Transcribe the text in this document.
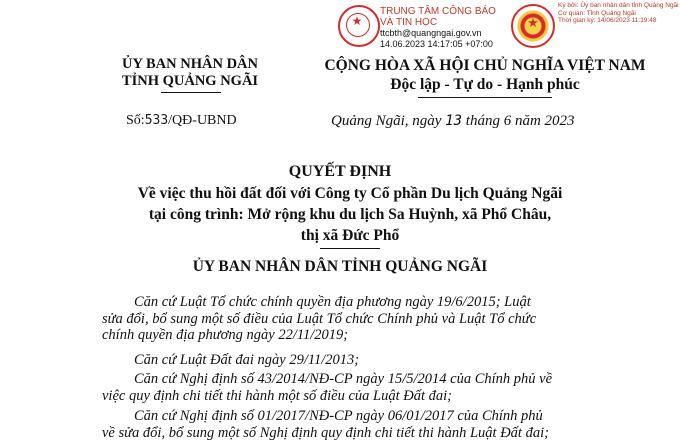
★
TRUNG TÂM CÔNG BÁO
VÀ TIN HỌC
ttcbth@quangngai.gov.vn
14.06.2023 14:17:05 +07:00
★
Ký bởi: Ủy ban nhân dân tỉnh Quảng Ngãi
Cơ quan: Tỉnh Quảng Ngãi
Thời gian ký: 14/06/2023 11:19:48
ỦY BAN NHÂN DÂN
TỈNH QUẢNG NGÃI
CỘNG HÒA XÃ HỘI CHỦ NGHĨA VIỆT NAM
Độc lập - Tự do - Hạnh phúc
Số:533/QĐ-UBND	Quảng Ngãi, ngày 13 tháng 6 năm 2023
QUYẾT ĐỊNH
Về việc thu hồi đất đối với Công ty Cổ phần Du lịch Quảng Ngãi
tại công trình: Mở rộng khu du lịch Sa Huỳnh, xã Phổ Châu,
thị xã Đức Phổ
ỦY BAN NHÂN DÂN TỈNH QUẢNG NGÃI
Căn cứ Luật Tổ chức chính quyền địa phương ngày 19/6/2015; Luật
sửa đổi, bổ sung một số điều của Luật Tổ chức Chính phủ và Luật Tổ chức
chính quyền địa phương ngày 22/11/2019;
Căn cứ Luật Đất đai ngày 29/11/2013;
Căn cứ Nghị định số 43/2014/NĐ-CP ngày 15/5/2014 của Chính phủ về
việc quy định chi tiết thi hành một số điều của Luật Đất đai;
Căn cứ Nghị định số 01/2017/NĐ-CP ngày 06/01/2017 của Chính phủ
về sửa đổi, bổ sung một số Nghị định quy định chi tiết thi hành Luật Đất đai;
